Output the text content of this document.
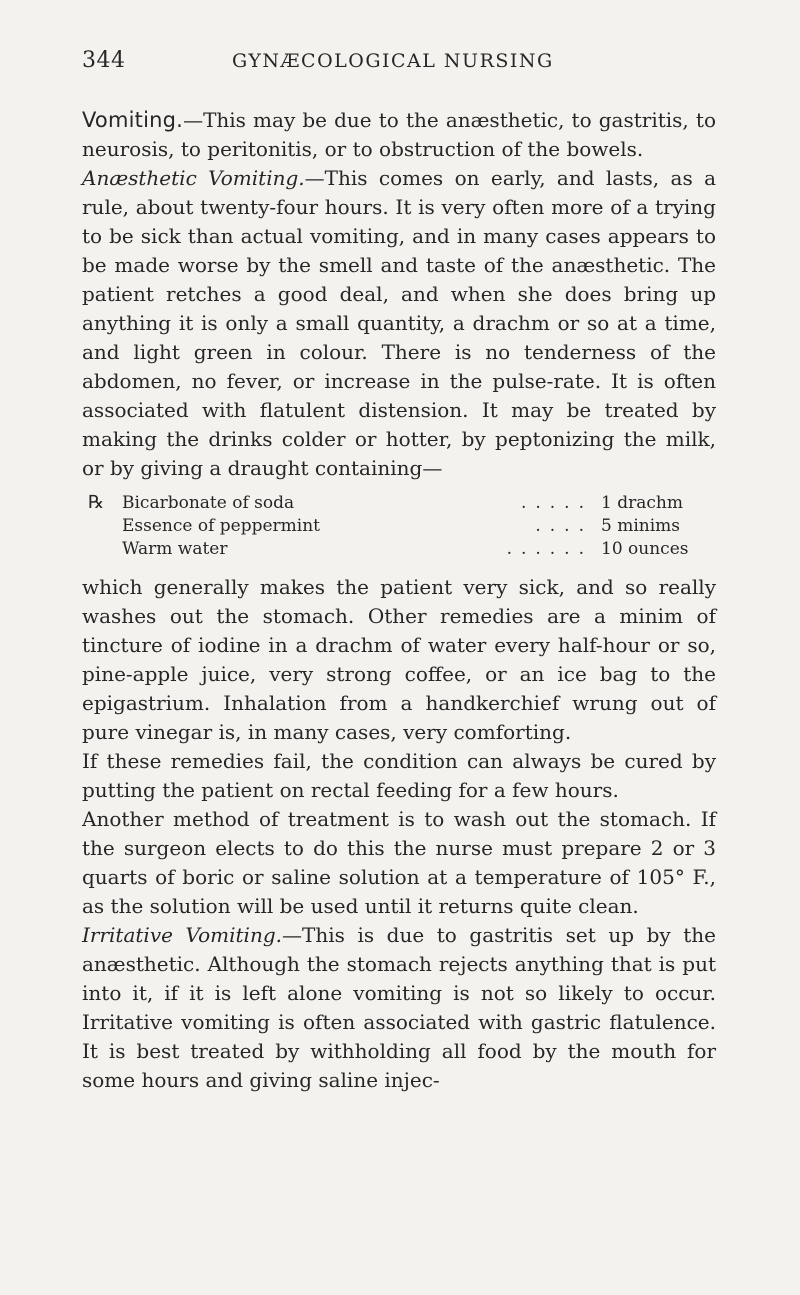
344	GYNÆCOLOGICAL NURSING

Vomiting.—This may be due to the anæsthetic, to gastritis, to neurosis, to peritonitis, or to obstruction of the bowels.

Anæsthetic Vomiting.—This comes on early, and lasts, as a rule, about twenty-four hours. It is very often more of a trying to be sick than actual vomiting, and in many cases appears to be made worse by the smell and taste of the anæsthetic. The patient retches a good deal, and when she does bring up anything it is only a small quantity, a drachm or so at a time, and light green in colour. There is no tenderness of the abdomen, no fever, or increase in the pulse-rate. It is often associated with flatulent distension. It may be treated by making the drinks colder or hotter, by peptonizing the milk, or by giving a draught containing—

℞	Bicarbonate of soda	..... 1 drachm
Essence of peppermint	.... 5 minims
Warm water	...... 10 ounces

which generally makes the patient very sick, and so really washes out the stomach. Other remedies are a minim of tincture of iodine in a drachm of water every half-hour or so, pine-apple juice, very strong coffee, or an ice bag to the epigastrium. Inhalation from a handkerchief wrung out of pure vinegar is, in many cases, very comforting.

If these remedies fail, the condition can always be cured by putting the patient on rectal feeding for a few hours.

Another method of treatment is to wash out the stomach. If the surgeon elects to do this the nurse must prepare 2 or 3 quarts of boric or saline solution at a temperature of 105° F., as the solution will be used until it returns quite clean.

Irritative Vomiting.—This is due to gastritis set up by the anæsthetic. Although the stomach rejects anything that is put into it, if it is left alone vomiting is not so likely to occur. Irritative vomiting is often associated with gastric flatulence. It is best treated by withholding all food by the mouth for some hours and giving saline injec-
